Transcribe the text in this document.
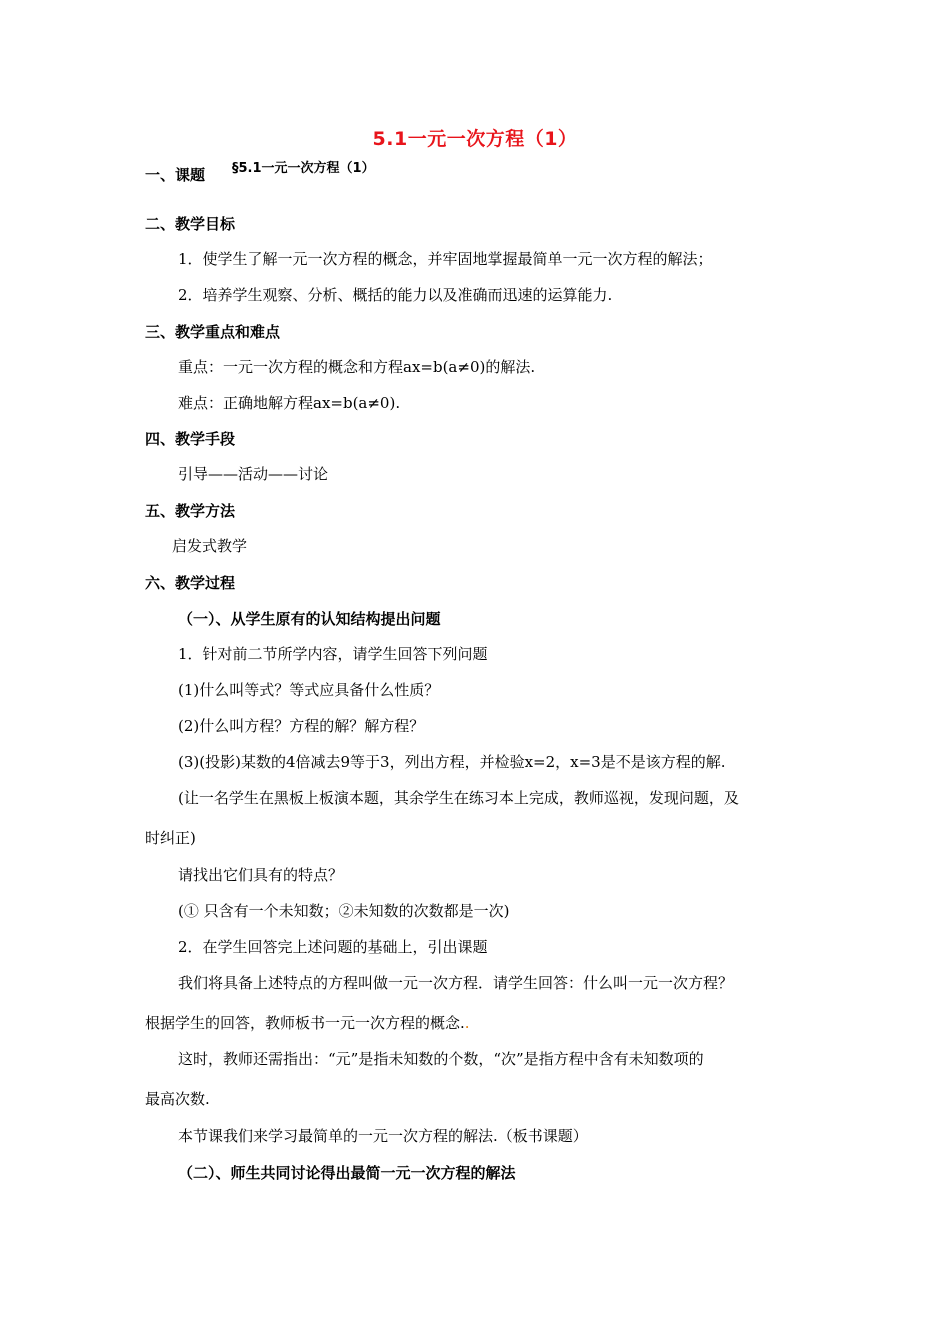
5.1一元一次方程（1）
一、课题 §5.1一元一次方程（1）
二、教学目标
1．使学生了解一元一次方程的概念，并牢固地掌握最简单一元一次方程的解法；
2．培养学生观察、分析、概括的能力以及准确而迅速的运算能力.
三、教学重点和难点
重点：一元一次方程的概念和方程ax=b(a≠0)的解法.
难点：正确地解方程ax=b(a≠0).
四、教学手段
引导——活动——讨论
五、教学方法
启发式教学
六、教学过程
（一）、从学生原有的认知结构提出问题
1．针对前二节所学内容，请学生回答下列问题
(1)什么叫等式？等式应具备什么性质？
(2)什么叫方程？方程的解？解方程？
(3)(投影)某数的4倍减去9等于3，列出方程，并检验x=2，x=3是不是该方程的解.
(让一名学生在黑板上板演本题，其余学生在练习本上完成，教师巡视，发现问题，及
时纠正)
请找出它们具有的特点？
(① 只含有一个未知数；②未知数的次数都是一次)
2．在学生回答完上述问题的基础上，引出课题
我们将具备上述特点的方程叫做一元一次方程．请学生回答：什么叫一元一次方程？
根据学生的回答，教师板书一元一次方程的概念..
这时，教师还需指出：“元”是指未知数的个数，“次”是指方程中含有未知数项的
最高次数.
本节课我们来学习最简单的一元一次方程的解法.（板书课题）
（二）、师生共同讨论得出最简一元一次方程的解法
